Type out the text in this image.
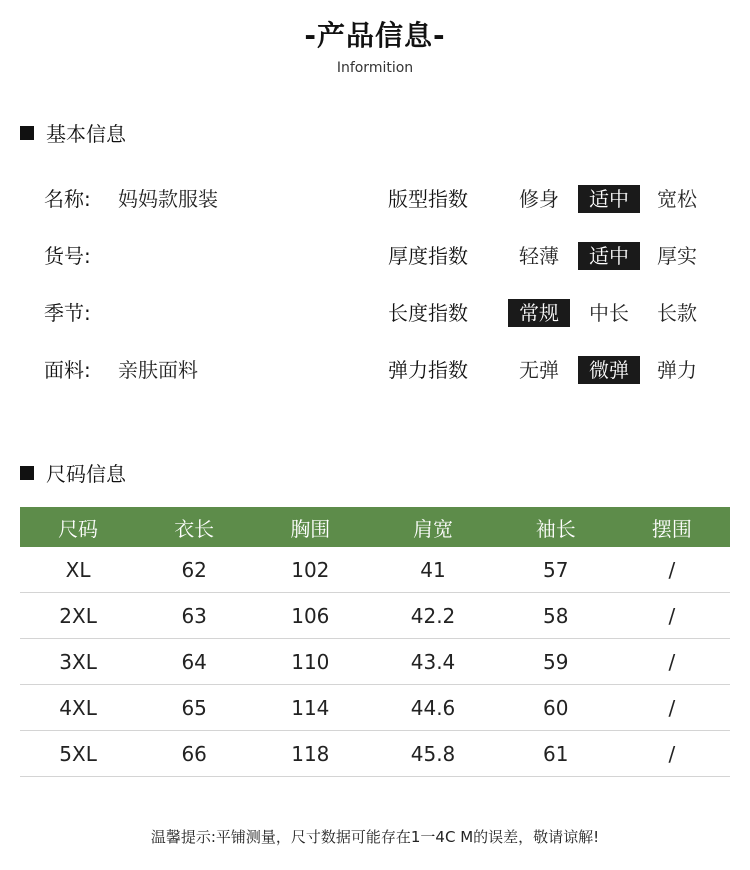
-产品信息-
Informition
基本信息
名称: 妈妈款服装	版型指数	修身	适中	宽松
货号:	厚度指数	轻薄	适中	厚实
季节:	长度指数	常规	中长	长款
面料: 亲肤面料	弹力指数	无弹	微弹	弹力
尺码信息
尺码	衣长	胸围	肩宽	袖长	摆围
XL	62	102	41	57	/
2XL	63	106	42.2	58	/
3XL	64	110	43.4	59	/
4XL	65	114	44.6	60	/
5XL	66	118	45.8	61	/
温馨提示:平铺测量，尺寸数据可能存在1一4C M的误差，敬请谅解!
